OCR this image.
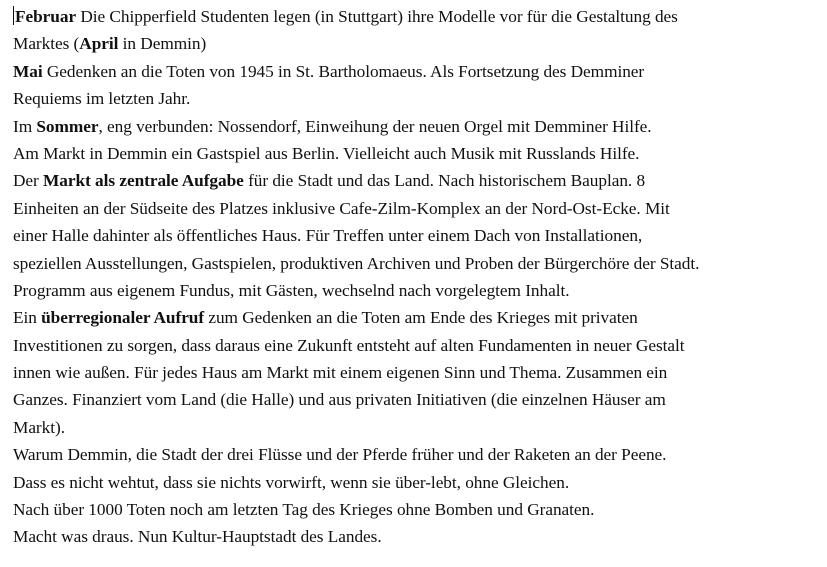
Februar Die Chipperfield Studenten legen (in Stuttgart) ihre Modelle vor für die Gestaltung des
Marktes (April in Demmin)
Mai Gedenken an die Toten von 1945 in St. Bartholomaeus. Als Fortsetzung des Demminer
Requiems im letzten Jahr.
Im Sommer, eng verbunden: Nossendorf, Einweihung der neuen Orgel mit Demminer Hilfe.
Am Markt in Demmin ein Gastspiel aus Berlin. Vielleicht auch Musik mit Russlands Hilfe.
Der Markt als zentrale Aufgabe für die Stadt und das Land. Nach historischem Bauplan. 8
Einheiten an der Südseite des Platzes inklusive Cafe-Zilm-Komplex an der Nord-Ost-Ecke. Mit
einer Halle dahinter als öffentliches Haus. Für Treffen unter einem Dach von Installationen,
speziellen Ausstellungen, Gastspielen, produktiven Archiven und Proben der Bürgerchöre der Stadt.
Programm aus eigenem Fundus, mit Gästen, wechselnd nach vorgelegtem Inhalt.
Ein überregionaler Aufruf zum Gedenken an die Toten am Ende des Krieges mit privaten
Investitionen zu sorgen, dass daraus eine Zukunft entsteht auf alten Fundamenten in neuer Gestalt
innen wie außen. Für jedes Haus am Markt mit einem eigenen Sinn und Thema. Zusammen ein
Ganzes. Finanziert vom Land (die Halle) und aus privaten Initiativen (die einzelnen Häuser am
Markt).
Warum Demmin, die Stadt der drei Flüsse und der Pferde früher und der Raketen an der Peene.
Dass es nicht wehtut, dass sie nichts vorwirft, wenn sie über-lebt, ohne Gleichen.
Nach über 1000 Toten noch am letzten Tag des Krieges ohne Bomben und Granaten.
Macht was draus. Nun Kultur-Hauptstadt des Landes.
